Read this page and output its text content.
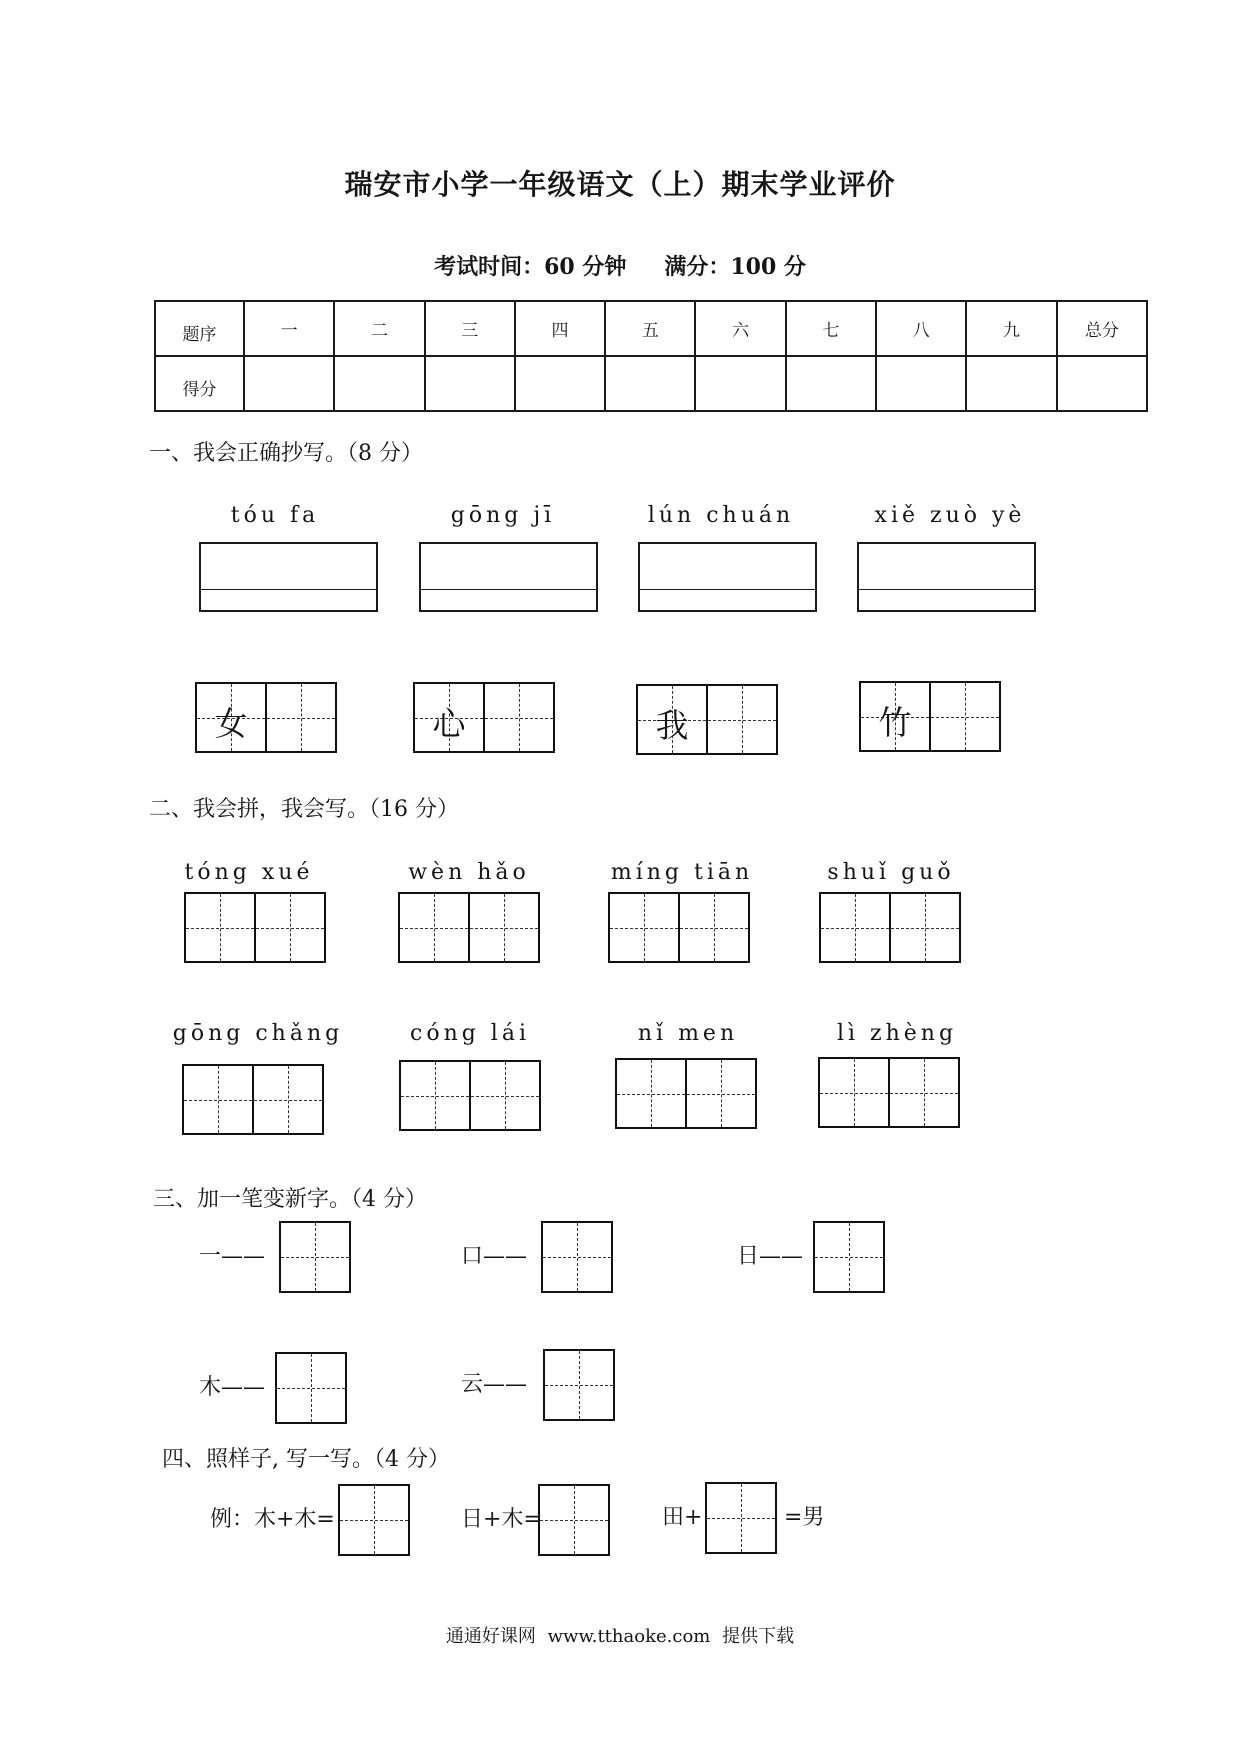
瑞安市小学一年级语文（上）期末学业评价
考试时间：60 分钟 满分：100 分
题序	一	二	三	四	五	六	七	八	九	总分
得分										
一、我会正确抄写。（8 分）
tóu fa	gōng jī	lún chuán	xiě zuò yè
女	心	我	竹
二、我会拼，我会写。（16 分）
tóng xué	wèn hǎo	míng tiān	shuǐ guǒ
gōng chǎng	cóng lái	nǐ men	lì zhèng
三、加一笔变新字。（4 分）
一——	口——	日——
木——	云——
四、照样子, 写一写。（4 分）
例：木+木=	日+木=	田+	=男
通通好课网 www.tthaoke.com 提供下载
